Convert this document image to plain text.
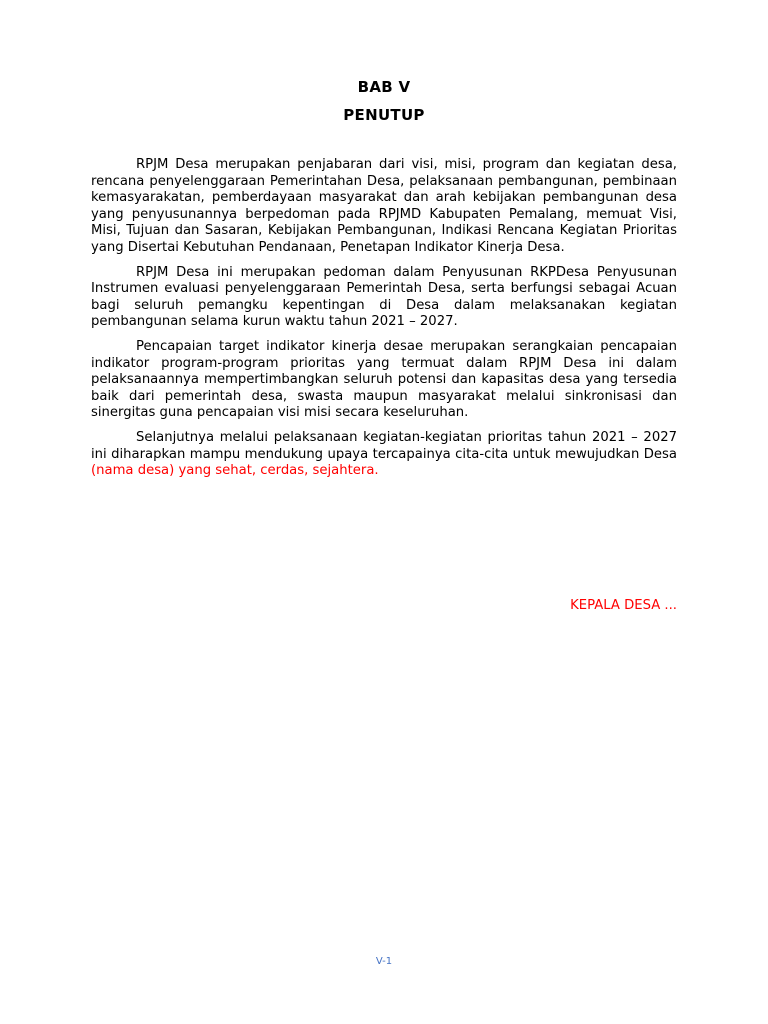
BAB V
PENUTUP

RPJM Desa merupakan penjabaran dari visi, misi, program dan kegiatan desa, rencana penyelenggaraan Pemerintahan Desa, pelaksanaan pembangunan, pembinaan kemasyarakatan, pemberdayaan masyarakat dan arah kebijakan pembangunan desa yang penyusunannya berpedoman pada RPJMD Kabupaten Pemalang, memuat Visi, Misi, Tujuan dan Sasaran, Kebijakan Pembangunan, Indikasi Rencana Kegiatan Prioritas yang Disertai Kebutuhan Pendanaan, Penetapan Indikator Kinerja Desa.

RPJM Desa ini merupakan pedoman dalam Penyusunan RKPDesa Penyusunan Instrumen evaluasi penyelenggaraan Pemerintah Desa, serta berfungsi sebagai Acuan bagi seluruh pemangku kepentingan di Desa dalam melaksanakan kegiatan pembangunan selama kurun waktu tahun 2021 – 2027.

Pencapaian target indikator kinerja desae merupakan serangkaian pencapaian indikator program-program prioritas yang termuat dalam RPJM Desa ini dalam pelaksanaannya mempertimbangkan seluruh potensi dan kapasitas desa yang tersedia baik dari pemerintah desa, swasta maupun masyarakat melalui sinkronisasi dan sinergitas guna pencapaian visi misi secara keseluruhan.

Selanjutnya melalui pelaksanaan kegiatan-kegiatan prioritas tahun 2021 – 2027 ini diharapkan mampu mendukung upaya tercapainya cita-cita untuk mewujudkan Desa (nama desa) yang sehat, cerdas, sejahtera.

KEPALA DESA ...
V-1
